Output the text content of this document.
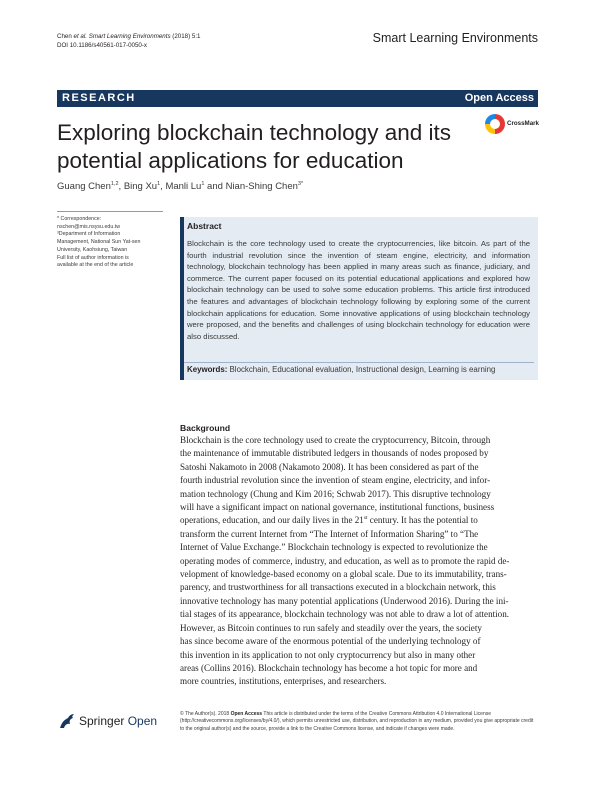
Chen et al. Smart Learning Environments (2018) 5:1
DOI 10.1186/s40561-017-0050-x
Smart Learning Environments
RESEARCH	Open Access
Exploring blockchain technology and its potential applications for education
CrossMark
Guang Chen$^{1,2}$, Bing Xu$^1$, Manli Lu$^1$ and Nian-Shing Chen$^{3*}$
* Correspondence:
nschen@mis.nsysu.edu.tw
³Department of Information
Management, National Sun Yat-sen
University, Kaohsiung, Taiwan
Full list of author information is
available at the end of the article
Abstract
Blockchain is the core technology used to create the cryptocurrencies, like bitcoin. As part of the fourth industrial revolution since the invention of steam engine, electricity, and information technology, blockchain technology has been applied in many areas such as finance, judiciary, and commerce. The current paper focused on its potential educational applications and explored how blockchain technology can be used to solve some education problems. This article first introduced the features and advantages of blockchain technology following by exploring some of the current blockchain applications for education. Some innovative applications of using blockchain technology were proposed, and the benefits and challenges of using blockchain technology for education were also discussed.
Keywords: Blockchain, Educational evaluation, Instructional design, Learning is earning
Background
Blockchain is the core technology used to create the cryptocurrency, Bitcoin, through
the maintenance of immutable distributed ledgers in thousands of nodes proposed by
Satoshi Nakamoto in 2008 (Nakamoto 2008). It has been considered as part of the
fourth industrial revolution since the invention of steam engine, electricity, and infor-
mation technology (Chung and Kim 2016; Schwab 2017). This disruptive technology
will have a significant impact on national governance, institutional functions, business
operations, education, and our daily lives in the 21st century. It has the potential to
transform the current Internet from “The Internet of Information Sharing” to “The
Internet of Value Exchange.” Blockchain technology is expected to revolutionize the
operating modes of commerce, industry, and education, as well as to promote the rapid de-
velopment of knowledge-based economy on a global scale. Due to its immutability, trans-
parency, and trustworthiness for all transactions executed in a blockchain network, this
innovative technology has many potential applications (Underwood 2016). During the ini-
tial stages of its appearance, blockchain technology was not able to draw a lot of attention.
However, as Bitcoin continues to run safely and steadily over the years, the society
has since become aware of the enormous potential of the underlying technology of
this invention in its application to not only cryptocurrency but also in many other
areas (Collins 2016). Blockchain technology has become a hot topic for more and
more countries, institutions, enterprises, and researchers.
Springer Open	© The Author(s). 2018 Open Access This article is distributed under the terms of the Creative Commons Attribution 4.0 International License (http://creativecommons.org/licenses/by/4.0/), which permits unrestricted use, distribution, and reproduction in any medium, provided you give appropriate credit to the original author(s) and the source, provide a link to the Creative Commons license, and indicate if changes were made.
